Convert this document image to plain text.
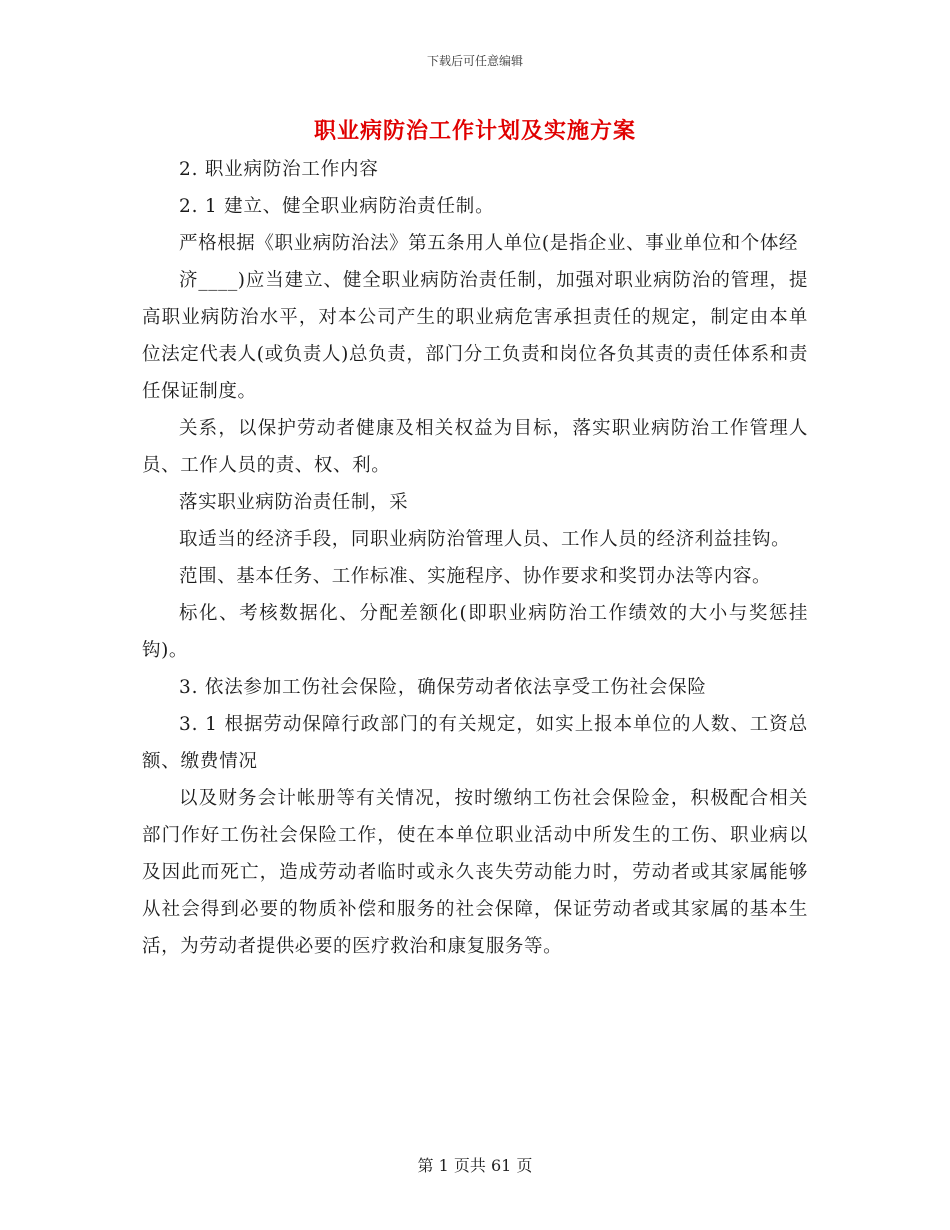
下载后可任意编辑
职业病防治工作计划及实施方案

2. 职业病防治工作内容

2. 1 建立、健全职业病防治责任制。

严格根据《职业病防治法》第五条用人单位(是指企业、事业单位和个体经

济____)应当建立、健全职业病防治责任制，加强对职业病防治的管理，提高职业病防治水平，对本公司产生的职业病危害承担责任的规定，制定由本单位法定代表人(或负责人)总负责，部门分工负责和岗位各负其责的责任体系和责任保证制度。

关系，以保护劳动者健康及相关权益为目标，落实职业病防治工作管理人员、工作人员的责、权、利。

落实职业病防治责任制，采

取适当的经济手段，同职业病防治管理人员、工作人员的经济利益挂钩。

范围、基本任务、工作标准、实施程序、协作要求和奖罚办法等内容。

标化、考核数据化、分配差额化(即职业病防治工作绩效的大小与奖惩挂钩)。

3. 依法参加工伤社会保险，确保劳动者依法享受工伤社会保险

3. 1 根据劳动保障行政部门的有关规定，如实上报本单位的人数、工资总额、缴费情况

以及财务会计帐册等有关情况，按时缴纳工伤社会保险金，积极配合相关部门作好工伤社会保险工作，使在本单位职业活动中所发生的工伤、职业病以及因此而死亡，造成劳动者临时或永久丧失劳动能力时，劳动者或其家属能够从社会得到必要的物质补偿和服务的社会保障，保证劳动者或其家属的基本生活，为劳动者提供必要的医疗救治和康复服务等。

第 1 页共 61 页
